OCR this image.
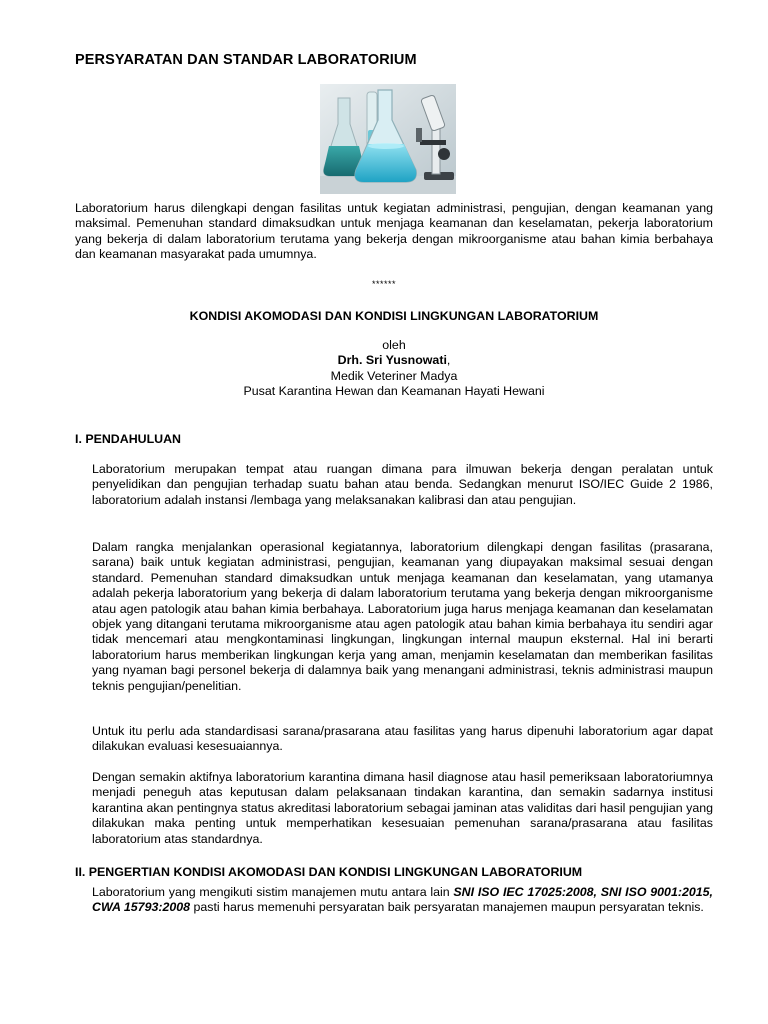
PERSYARATAN DAN STANDAR LABORATORIUM
Laboratorium harus dilengkapi dengan fasilitas untuk kegiatan administrasi, pengujian, dengan keamanan yang maksimal. Pemenuhan standard dimaksudkan untuk menjaga keamanan dan keselamatan, pekerja laboratorium yang bekerja di dalam laboratorium terutama yang bekerja dengan mikroorganisme atau bahan kimia berbahaya dan keamanan masyarakat pada umumnya.
******
KONDISI AKOMODASI DAN KONDISI LINGKUNGAN LABORATORIUM
oleh
Drh. Sri Yusnowati,
Medik Veteriner Madya
Pusat Karantina Hewan dan Keamanan Hayati Hewani
I. PENDAHULUAN
Laboratorium merupakan tempat atau ruangan dimana para ilmuwan bekerja dengan peralatan untuk penyelidikan dan pengujian terhadap suatu bahan atau benda. Sedangkan menurut ISO/IEC Guide 2 1986, laboratorium adalah instansi /lembaga yang melaksanakan kalibrasi dan atau pengujian.
Dalam rangka menjalankan operasional kegiatannya, laboratorium dilengkapi dengan fasilitas (prasarana, sarana) baik untuk kegiatan administrasi, pengujian, keamanan yang diupayakan maksimal sesuai dengan standard. Pemenuhan standard dimaksudkan untuk menjaga keamanan dan keselamatan, yang utamanya adalah pekerja laboratorium yang bekerja di dalam laboratorium terutama yang bekerja dengan mikroorganisme atau agen patologik atau bahan kimia berbahaya. Laboratorium juga harus menjaga keamanan dan keselamatan objek yang ditangani terutama mikroorganisme atau agen patologik atau bahan kimia berbahaya itu sendiri agar tidak mencemari atau mengkontaminasi lingkungan, lingkungan internal maupun eksternal. Hal ini berarti laboratorium harus memberikan lingkungan kerja yang aman, menjamin keselamatan dan memberikan fasilitas yang nyaman bagi personel bekerja di dalamnya baik yang menangani administrasi, teknis administrasi maupun teknis pengujian/penelitian.
Untuk itu perlu ada standardisasi sarana/prasarana atau fasilitas yang harus dipenuhi laboratorium agar dapat dilakukan evaluasi kesesuaiannya.
Dengan semakin aktifnya laboratorium karantina dimana hasil diagnose atau hasil pemeriksaan laboratoriumnya menjadi peneguh atas keputusan dalam pelaksanaan tindakan karantina, dan semakin sadarnya institusi karantina akan pentingnya status akreditasi laboratorium sebagai jaminan atas validitas dari hasil pengujian yang dilakukan maka penting untuk memperhatikan kesesuaian pemenuhan sarana/prasarana atau fasilitas laboratorium atas standardnya.
II. PENGERTIAN KONDISI AKOMODASI DAN KONDISI LINGKUNGAN LABORATORIUM
Laboratorium yang mengikuti sistim manajemen mutu antara lain SNI ISO IEC 17025:2008, SNI ISO 9001:2015, CWA 15793:2008 pasti harus memenuhi persyaratan baik persyaratan manajemen maupun persyaratan teknis.
